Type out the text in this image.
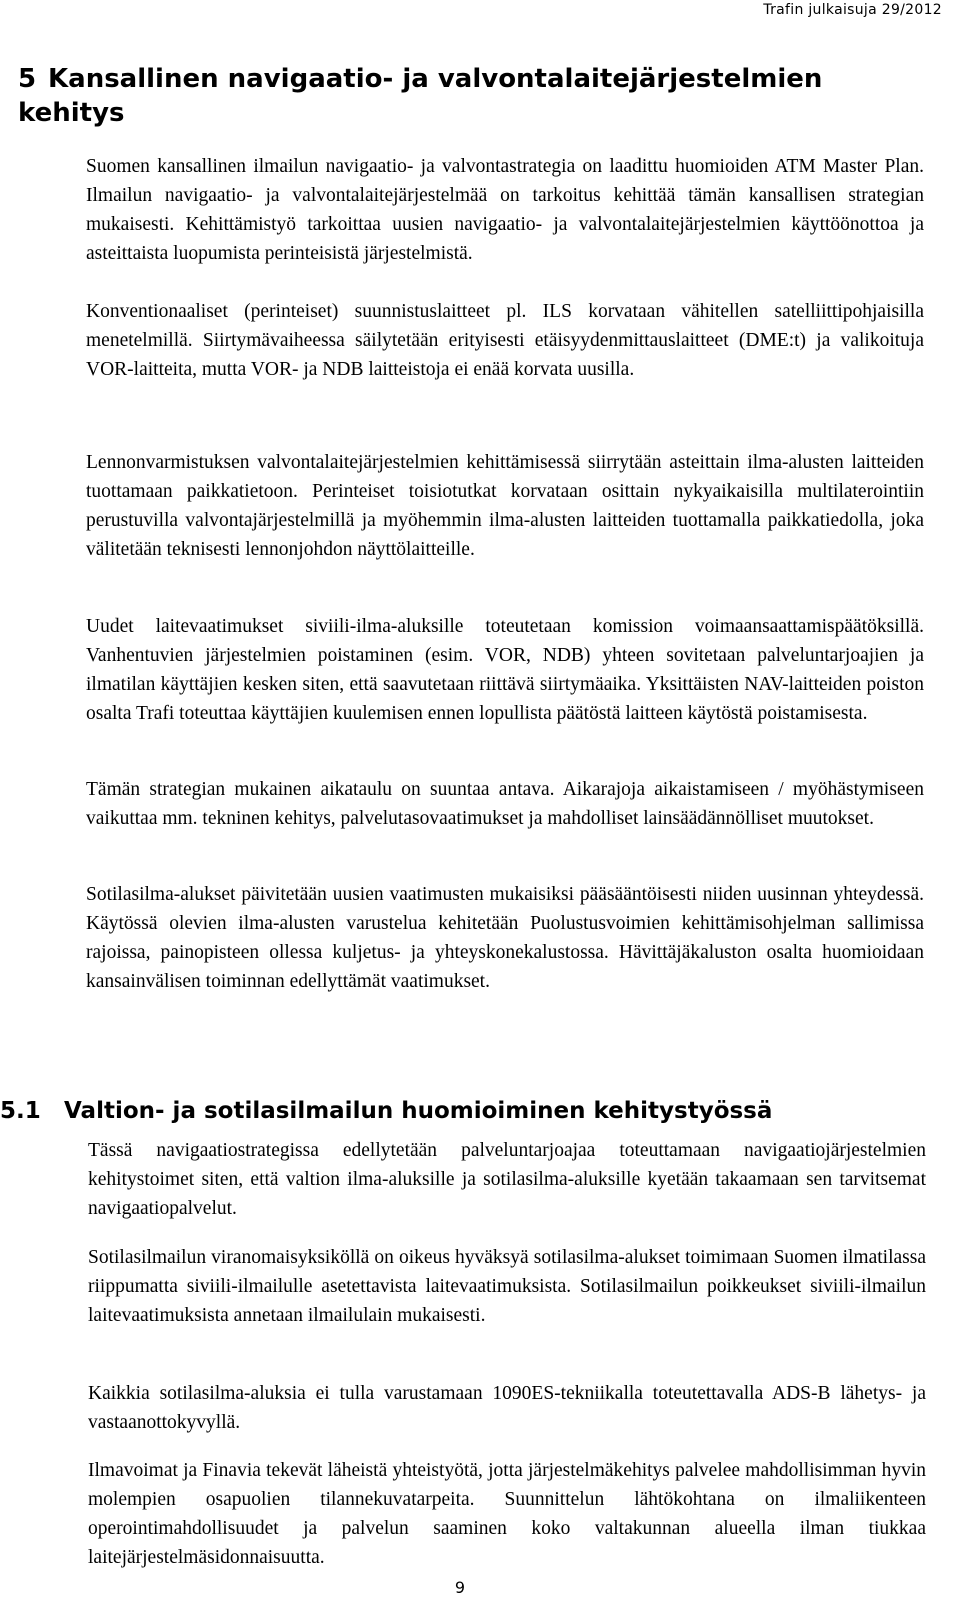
Trafin julkaisuja 29/2012
5 Kansallinen navigaatio- ja valvontalaitejärjestelmien kehitys

Suomen kansallinen ilmailun navigaatio- ja valvontastrategia on laadittu huomioiden ATM Master Plan. Ilmailun navigaatio- ja valvontalaitejärjestelmää on tarkoitus kehittää tämän kansallisen strategian mukaisesti. Kehittämistyö tarkoittaa uusien navigaatio- ja valvontalaitejärjestelmien käyttöönottoa ja asteittaista luopumista perinteisistä järjestelmistä.

Konventionaaliset (perinteiset) suunnistuslaitteet pl. ILS korvataan vähitellen satelliittipohjaisilla menetelmillä. Siirtymävaiheessa säilytetään erityisesti etäisyydenmittauslaitteet (DME:t) ja valikoituja VOR-laitteita, mutta VOR- ja NDB laitteistoja ei enää korvata uusilla.

Lennonvarmistuksen valvontalaitejärjestelmien kehittämisessä siirrytään asteittain ilma-alusten laitteiden tuottamaan paikkatietoon. Perinteiset toisiotutkat korvataan osittain nykyaikaisilla multilaterointiin perustuvilla valvontajärjestelmillä ja myöhemmin ilma-alusten laitteiden tuottamalla paikkatiedolla, joka välitetään teknisesti lennonjohdon näyttölaitteille.

Uudet laitevaatimukset siviili-ilma-aluksille toteutetaan komission voimaansaattamispäätöksillä. Vanhentuvien järjestelmien poistaminen (esim. VOR, NDB) yhteen sovitetaan palveluntarjoajien ja ilmatilan käyttäjien kesken siten, että saavutetaan riittävä siirtymäaika. Yksittäisten NAV-laitteiden poiston osalta Trafi toteuttaa käyttäjien kuulemisen ennen lopullista päätöstä laitteen käytöstä poistamisesta.

Tämän strategian mukainen aikataulu on suuntaa antava. Aikarajoja aikaistamiseen / myöhästymiseen vaikuttaa mm. tekninen kehitys, palvelutasovaatimukset ja mahdolliset lainsäädännölliset muutokset.

Sotilasilma-alukset päivitetään uusien vaatimusten mukaisiksi pääsääntöisesti niiden uusinnan yhteydessä. Käytössä olevien ilma-alusten varustelua kehitetään Puolustusvoimien kehittämisohjelman sallimissa rajoissa, painopisteen ollessa kuljetus- ja yhteyskonekalustossa. Hävittäjäkaluston osalta huomioidaan kansainvälisen toiminnan edellyttämät vaatimukset.

5.1 Valtion- ja sotilasilmailun huomioiminen kehitystyössä

Tässä navigaatiostrategissa edellytetään palveluntarjoajaa toteuttamaan navigaatiojärjestelmien kehitystoimet siten, että valtion ilma-aluksille ja sotilasilma-aluksille kyetään takaamaan sen tarvitsemat navigaatiopalvelut.

Sotilasilmailun viranomaisyksiköllä on oikeus hyväksyä sotilasilma-alukset toimimaan Suomen ilmatilassa riippumatta siviili-ilmailulle asetettavista laitevaatimuksista. Sotilasilmailun poikkeukset siviili-ilmailun laitevaatimuksista annetaan ilmailulain mukaisesti.

Kaikkia sotilasilma-aluksia ei tulla varustamaan 1090ES-tekniikalla toteutettavalla ADS-B lähetys- ja vastaanottokyvyllä.

Ilmavoimat ja Finavia tekevät läheistä yhteistyötä, jotta järjestelmäkehitys palvelee mahdollisimman hyvin molempien osapuolien tilannekuvatarpeita. Suunnittelun lähtökohtana on ilmaliikenteen operointimahdollisuudet ja palvelun saaminen koko valtakunnan alueella ilman tiukkaa laitejärjestelmäsidonnaisuutta.

9
